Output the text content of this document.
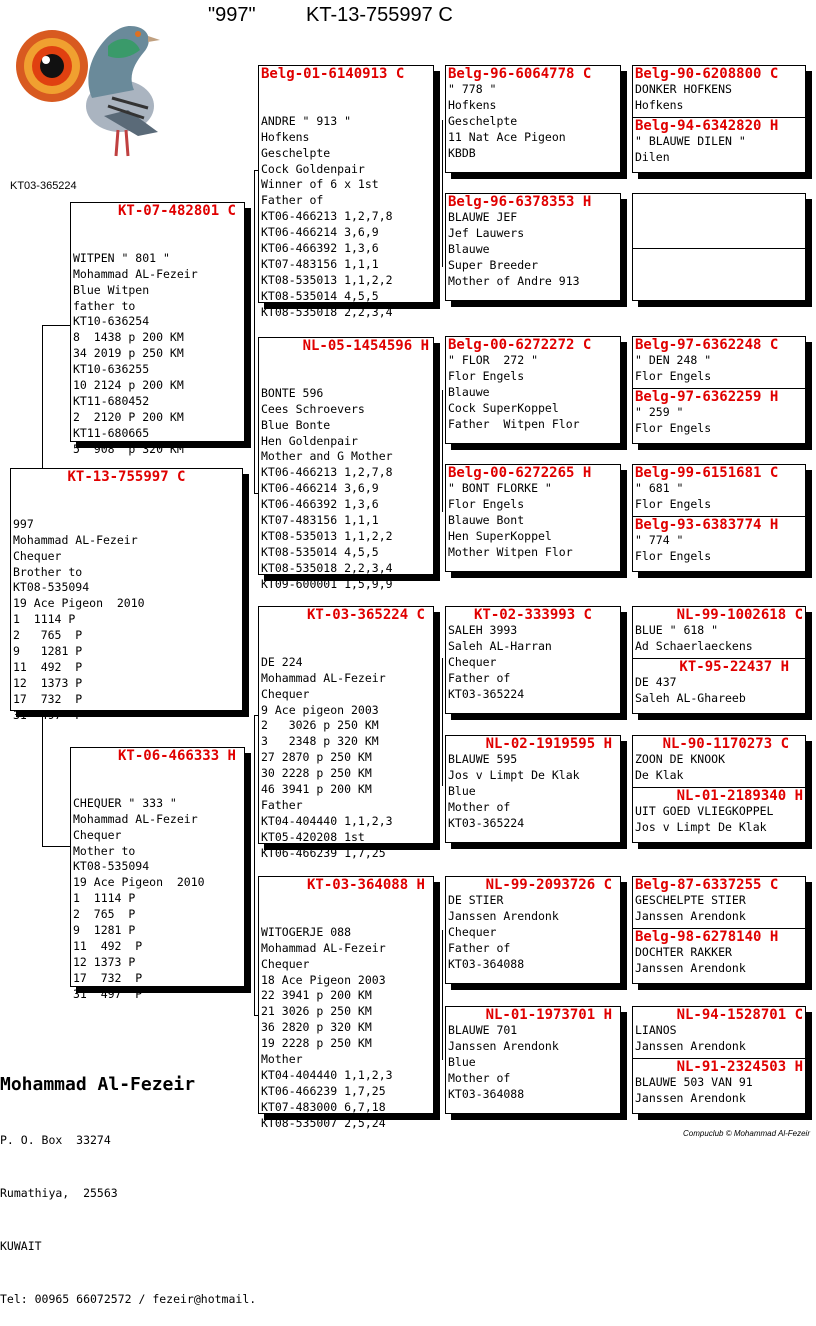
"997"	KT-13-755997 C
KT03-365224
KT-13-755997 C

997
Mohammad AL-Fezeir
Chequer
Brother to
KT08-535094
19 Ace Pigeon  2010
1  1114 P
2   765  P
9   1281 P
11  492  P
12  1373 P
17  732  P
31  497  P

KT-07-482801 C

WITPEN " 801 "
Mohammad AL-Fezeir
Blue Witpen
father to
KT10-636254
8  1438 p 200 KM
34 2019 p 250 KM
KT10-636255
10 2124 p 200 KM
KT11-680452
2  2120 P 200 KM
KT11-680665
5  908  p 320 KM

KT-06-466333 H

CHEQUER " 333 "
Mohammad AL-Fezeir
Chequer
Mother to
KT08-535094
19 Ace Pigeon  2010
1  1114 P
2  765  P
9  1281 P
11  492  P
12 1373 P
17  732  P
31  497  P

Belg-01-6140913 C

ANDRE " 913 "
Hofkens
Geschelpte
Cock Goldenpair
Winner of 6 x 1st
Father of
KT06-466213 1,2,7,8
KT06-466214 3,6,9
KT06-466392 1,3,6
KT07-483156 1,1,1
KT08-535013 1,1,2,2
KT08-535014 4,5,5
KT08-535018 2,2,3,4

NL-05-1454596 H

BONTE 596
Cees Schroevers
Blue Bonte
Hen Goldenpair
Mother and G Mother
KT06-466213 1,2,7,8
KT06-466214 3,6,9
KT06-466392 1,3,6
KT07-483156 1,1,1
KT08-535013 1,1,2,2
KT08-535014 4,5,5
KT08-535018 2,2,3,4
KT09-600001 1,5,9,9

KT-03-365224 C

DE 224
Mohammad AL-Fezeir
Chequer
9 Ace pigeon 2003
2   3026 p 250 KM
3   2348 p 320 KM
27 2870 p 250 KM
30 2228 p 250 KM
46 3941 p 200 KM
Father
KT04-404440 1,1,2,3
KT05-420208 1st
KT06-466239 1,7,25

KT-03-364088 H

WITOGERJE 088
Mohammad AL-Fezeir
Chequer
18 Ace Pigeon 2003
22 3941 p 200 KM
21 3026 p 250 KM
36 2820 p 320 KM
19 2228 p 250 KM
Mother
KT04-404440 1,1,2,3
KT06-466239 1,7,25
KT07-483000 6,7,18
KT08-535007 2,5,24

Belg-96-6064778 C
" 778 "
Hofkens
Geschelpte
11 Nat Ace Pigeon
KBDB
Belg-96-6378353 H
BLAUWE JEF
Jef Lauwers
Blauwe
Super Breeder
Mother of Andre 913
Belg-00-6272272 C
" FLOR  272 "
Flor Engels
Blauwe
Cock SuperKoppel
Father  Witpen Flor
Belg-00-6272265 H
" BONT FLORKE "
Flor Engels
Blauwe Bont
Hen SuperKoppel
Mother Witpen Flor
KT-02-333993 C
SALEH 3993
Saleh AL-Harran
Chequer
Father of
KT03-365224
NL-02-1919595 H
BLAUWE 595
Jos v Limpt De Klak
Blue
Mother of
KT03-365224
NL-99-2093726 C
DE STIER
Janssen Arendonk
Chequer
Father of
KT03-364088
NL-01-1973701 H
BLAUWE 701
Janssen Arendonk
Blue
Mother of
KT03-364088
Belg-90-6208800 C
DONKER HOFKENS
Hofkens
Belg-94-6342820 H
" BLAUWE DILEN "
Dilen
Belg-97-6362248 C
" DEN 248 "
Flor Engels
Belg-97-6362259 H
" 259 "
Flor Engels
Belg-99-6151681 C
" 681 "
Flor Engels
Belg-93-6383774 H
" 774 "
Flor Engels
NL-99-1002618 C
BLUE " 618 "
Ad Schaerlaeckens
KT-95-22437 H
DE 437
Saleh AL-Ghareeb
NL-90-1170273 C
ZOON DE KNOOK
De Klak
NL-01-2189340 H
UIT GOED VLIEGKOPPEL
Jos v Limpt De Klak
Belg-87-6337255 C
GESCHELPTE STIER
Janssen Arendonk
Belg-98-6278140 H
DOCHTER RAKKER
Janssen Arendonk
NL-94-1528701 C
LIANOS
Janssen Arendonk
NL-91-2324503 H
BLAUWE 503 VAN 91
Janssen Arendonk

Mohammad Al-Fezeir

P. O. Box  33274

Rumathiya,  25563

KUWAIT

Tel: 00965 66072572 / fezeir@hotmail.

Compuclub © Mohammad Al-Fezeir
